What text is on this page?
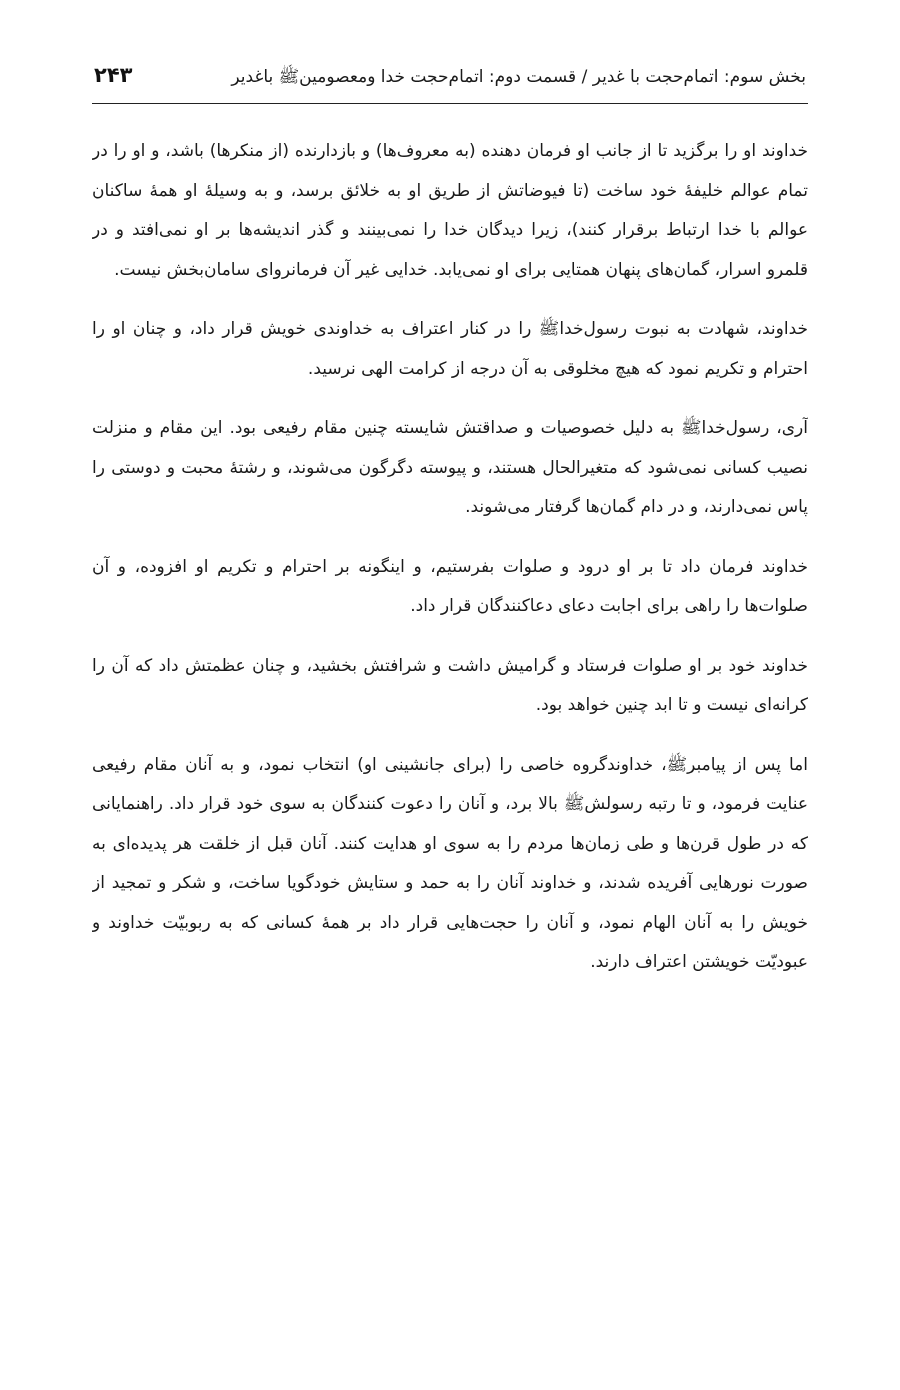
بخش سوم: اتمام‌حجت با غدیر / قسمت دوم: اتمام‌حجت خدا ومعصومین‌ﷺ باغدیر
۲۴۳

خداوند او را برگزید تا از جانب او فرمان دهنده (به معروف‌ها) و بازدارنده (از منکرها) باشد، و او را در تمام عوالم خلیفهٔ خود ساخت (تا فیوضاتش از طریق او به خلائق برسد، و به وسیلهٔ او همهٔ ساکنان عوالم با خدا ارتباط برقرار کنند)، زیرا دیدگان خدا را نمی‌بینند و گذر اندیشه‌ها بر او نمی‌افتد و در قلمرو اسرار، گمان‌های پنهان همتایی برای او نمی‌یابد. خدایی غیر آن فرمانروای سامان‌بخش نیست.

خداوند، شهادت به نبوت رسول‌خداﷺ را در کنار اعتراف به خداوندی خویش قرار داد، و چنان او را احترام و تکریم نمود که هیچ مخلوقی به آن درجه از کرامت الهی نرسید.

آری، رسول‌خداﷺ به دلیل خصوصیات و صداقتش شایسته چنین مقام رفیعی بود. این مقام و منزلت نصیب کسانی نمی‌شود که متغیرالحال هستند، و پیوسته دگرگون می‌شوند، و رشتهٔ محبت و دوستی را پاس نمی‌دارند، و در دام گمان‌ها گرفتار می‌شوند.

خداوند فرمان داد تا بر او درود و صلوات بفرستیم، و اینگونه بر احترام و تکریم او افزوده، و آن صلوات‌ها را راهی برای اجابت دعای دعاکنندگان قرار داد.

خداوند خود بر او صلوات فرستاد و گرامیش داشت و شرافتش بخشید، و چنان عظمتش داد که آن را کرانه‌ای نیست و تا ابد چنین خواهد بود.

اما پس از پیامبرﷺ، خداوندگروه خاصی را (برای جانشینی او) انتخاب نمود، و به آنان مقام رفیعی عنایت فرمود، و تا رتبه رسولشﷺ بالا برد، و آنان را دعوت کنندگان به سوی خود قرار داد. راهنمایانی که در طول قرن‌ها و طی زمان‌ها مردم را به سوی او هدایت کنند. آنان قبل از خلقت هر پدیده‌ای به صورت نورهایی آفریده شدند، و خداوند آنان را به حمد و ستایش خودگویا ساخت، و شکر و تمجید از خویش را به آنان الهام نمود، و آنان را حجت‌هایی قرار داد بر همهٔ کسانی که به ربوبیّت خداوند و عبودیّت خویشتن اعتراف دارند.
